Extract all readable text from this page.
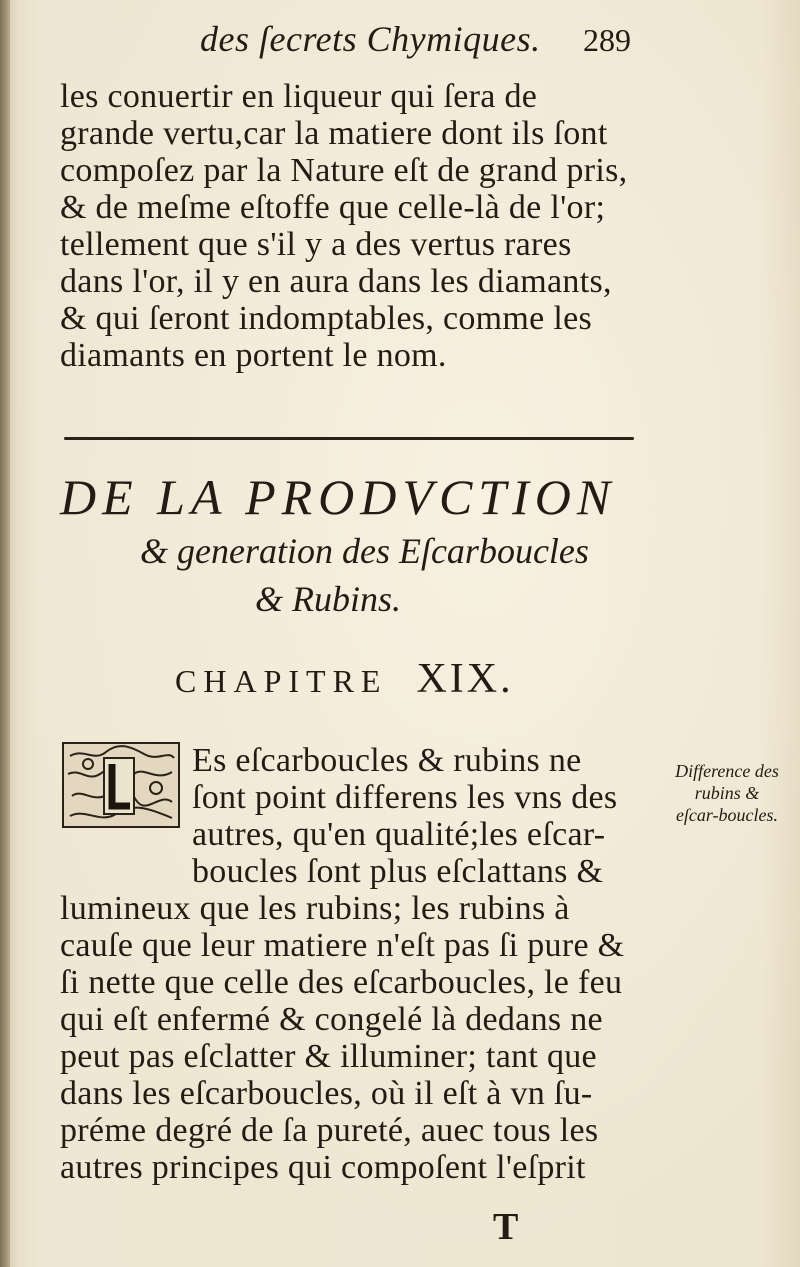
des ſecrets Chymiques. 289
les conuertir en liqueur qui ſera de
grande vertu,car la matiere dont ils ſont
compoſez par la Nature eſt de grand pris,
& de meſme eſtoffe que celle-là de l'or;
tellement que s'il y a des vertus rares
dans l'or, il y en aura dans les diamants,
& qui ſeront indomptables, comme les
diamants en portent le nom.
DE LA PRODVCTION
& generation des Eſcarboucles
& Rubins.
CHAPITRE XIX.
Es eſcarboucles & rubins ne
ſont point differens les vns des
autres, qu'en qualité;les eſcar-
boucles ſont plus eſclattans &
Difference des rubins & eſcar-boucles.
lumineux que les rubins; les rubins à
cauſe que leur matiere n'eſt pas ſi pure &
ſi nette que celle des eſcarboucles, le feu
qui eſt enfermé & congelé là dedans ne
peut pas eſclatter & illuminer; tant que
dans les eſcarboucles, où il eſt à vn ſu-
préme degré de ſa pureté, auec tous les
autres principes qui compoſent l'eſprit
T
